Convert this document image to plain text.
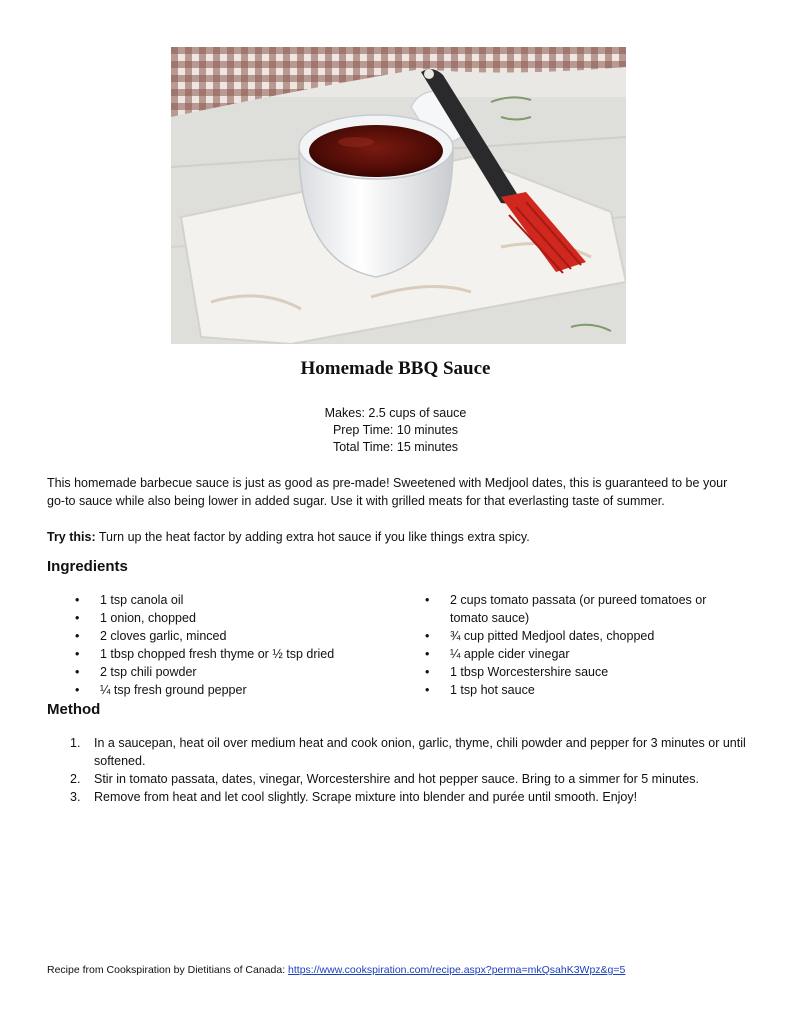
Homemade BBQ Sauce
Makes: 2.5 cups of sauce
Prep Time: 10 minutes
Total Time: 15 minutes

This homemade barbecue sauce is just as good as pre-made! Sweetened with Medjool dates, this is guaranteed to be your go-to sauce while also being lower in added sugar. Use it with grilled meats for that everlasting taste of summer.

Try this: Turn up the heat factor by adding extra hot sauce if you like things extra spicy.

Ingredients
• 1 tsp canola oil
• 1 onion, chopped
• 2 cloves garlic, minced
• 1 tbsp chopped fresh thyme or ½ tsp dried
• 2 tsp chili powder
• ¼ tsp fresh ground pepper
• 2 cups tomato passata (or pureed tomatoes or tomato sauce)
• ¾ cup pitted Medjool dates, chopped
• ¼ apple cider vinegar
• 1 tbsp Worcestershire sauce
• 1 tsp hot sauce
Method
1. In a saucepan, heat oil over medium heat and cook onion, garlic, thyme, chili powder and pepper for 3 minutes or until softened.
2. Stir in tomato passata, dates, vinegar, Worcestershire and hot pepper sauce. Bring to a simmer for 5 minutes.
3. Remove from heat and let cool slightly. Scrape mixture into blender and purée until smooth. Enjoy!
Recipe from Cookspiration by Dietitians of Canada: https://www.cookspiration.com/recipe.aspx?perma=mkQsahK3Wpz&g=5
